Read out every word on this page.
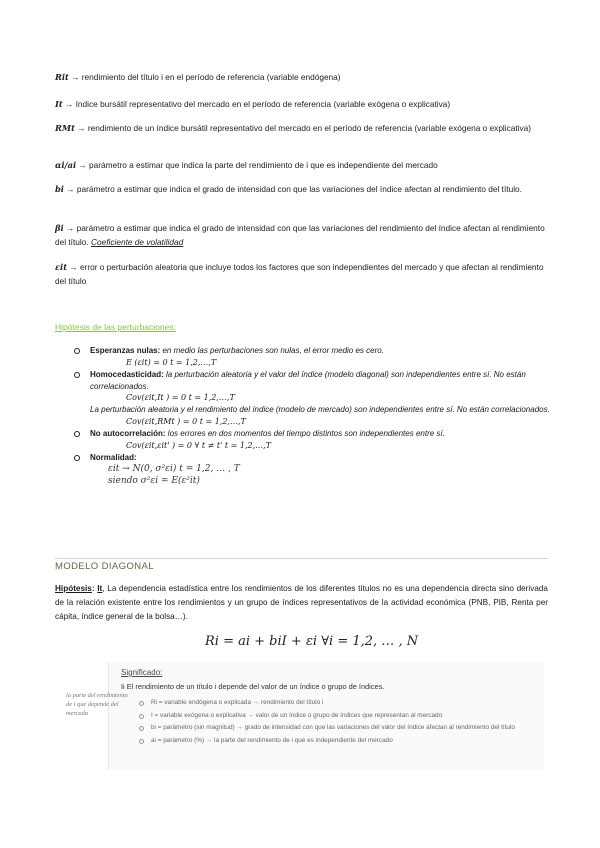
Rit → rendimiento del título i en el período de referencia (variable endógena)
It → índice bursátil representativo del mercado en el período de referencia (variable exógena o explicativa)
RMt → rendimiento de un índice bursátil representativo del mercado en el período de referencia (variable exógena o explicativa)
αi/ai → parámetro a estimar que indica la parte del rendimiento de i que es independiente del mercado
bi → parámetro a estimar que indica el grado de intensidad con que las variaciones del índice afectan al rendimiento del título.
βi → parámetro a estimar que indica el grado de intensidad con que las variaciones del rendimiento del índice afectan al rendimiento del título. Coeficiente de volatilidad
εit → error o perturbación aleatoria que incluye todos los factores que son independientes del mercado y que afectan al rendimiento del título
Hipótesis de las perturbaciones:
Esperanzas nulas: en medio las perturbaciones son nulas, el error medio es cero.
E (εit) = 0 t = 1,2,…,T
Homocedasticidad: la perturbación aleatoria y el valor del índice (modelo diagonal) son independientes entre sí. No están correlacionados.
Cov(εit,It ) = 0 t = 1,2,…,T
La perturbación aleatoria y el rendimiento del índice (modelo de mercado) son independientes entre sí. No están correlacionados.
Cov(εit,RMt ) = 0 t = 1,2,…,T
No autocorrelación: los errores en dos momentos del tiempo distintos son independientes entre sí.
Cov(εit,εit' ) = 0 ∀ t ≠ t' t = 1,2,…,T
Normalidad:
εit → N(0, σ²εi) t = 1,2, … , T
siendo σ²εi = E(ε²it)
MODELO DIAGONAL
Hipótesis: It, La dependencia estadística entre los rendimientos de los diferentes títulos no es una dependencia directa sino derivada de la relación existente entre los rendimientos y un grupo de índices representativos de la actividad económica (PNB, PIB, Renta per cápita, índice general de la bolsa…).
Ri = ai + biI + εi ∀i = 1,2, … , N
Significado:
Ii El rendimiento de un título i depende del valor de un índice o grupo de índices.
Ri = variable endógena o explicada → rendimiento del título i
I = variable exógena o explicativa → valor de un índice o grupo de índices que representan al mercado
bi = parámetro (sin magnitud) → grado de intensidad con que las variaciones del valor del índice afectan al rendimiento del título
ai = parámetro (%) → la parte del rendimiento de i que es independiente del mercado
la parte del rendimiento de i que depende del mercado
